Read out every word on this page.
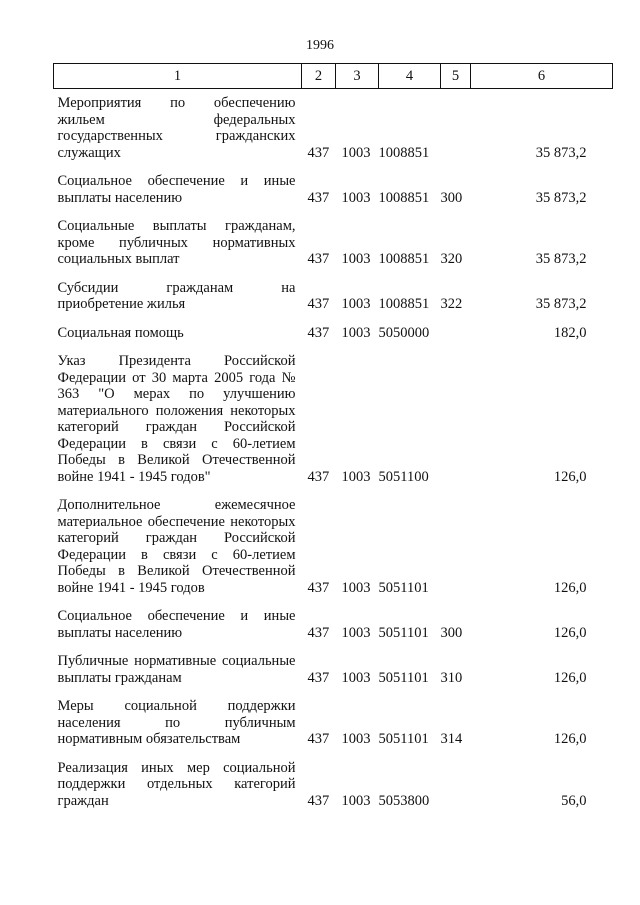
1996
1	2	3	4	5	6

Мероприятия по обеспечению жильем федеральных государственных гражданских служащих	437	1003	1008851		35 873,2

Социальное обеспечение и иные выплаты населению	437	1003	1008851	300	35 873,2

Социальные выплаты гражданам, кроме публичных нормативных социальных выплат	437	1003	1008851	320	35 873,2

Субсидии гражданам на приобретение жилья	437	1003	1008851	322	35 873,2

Социальная помощь	437	1003	5050000		182,0

Указ Президента Российской Федерации от 30 марта 2005 года № 363 "О мерах по улучшению материального положения некоторых категорий граждан Российской Федерации в связи с 60-летием Победы в Великой Отечественной войне 1941 - 1945 годов"	437	1003	5051100		126,0

Дополнительное ежемесячное материальное обеспечение некоторых категорий граждан Российской Федерации в связи с 60-летием Победы в Великой Отечественной войне 1941 - 1945 годов	437	1003	5051101		126,0

Социальное обеспечение и иные выплаты населению	437	1003	5051101	300	126,0

Публичные нормативные социальные выплаты гражданам	437	1003	5051101	310	126,0

Меры социальной поддержки населения по публичным нормативным обязательствам	437	1003	5051101	314	126,0

Реализация иных мер социальной поддержки отдельных категорий граждан	437	1003	5053800		56,0
